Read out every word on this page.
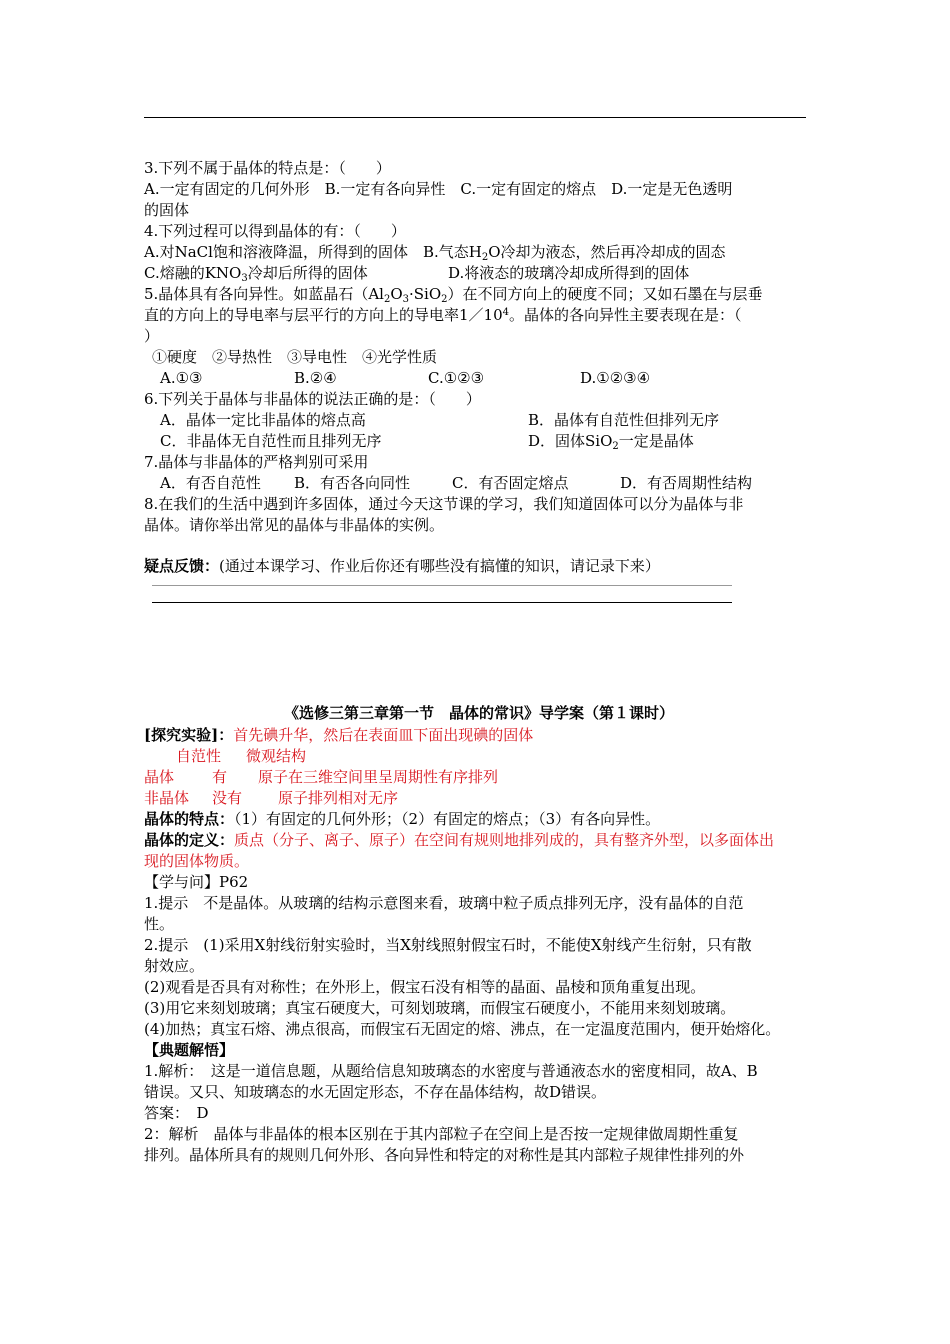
3.下列不属于晶体的特点是：（　　）
A.一定有固定的几何外形　B.一定有各向异性　C.一定有固定的熔点　D.一定是无色透明
的固体
4.下列过程可以得到晶体的有：（　　）
A.对NaCl饱和溶液降温，所得到的固体　B.气态$H_2O$冷却为液态，然后再冷却成的固态
C.熔融的$KNO_3$冷却后所得的固体	D.将液态的玻璃冷却成所得到的固体
5.晶体具有各向异性。如蓝晶石$(Al_2O_3\cdot SiO_2)$在不同方向上的硬度不同；又如石墨在与层垂
直的方向上的导电率与层平行的方向上的导电率$1/10^4$。晶体的各向异性主要表现在是：（
）
①硬度　②导热性　③导电性　④光学性质
A.①③	B.②④	C.①②③	D.①②③④
6.下列关于晶体与非晶体的说法正确的是：（　　）
A．晶体一定比非晶体的熔点高	B．晶体有自范性但排列无序
C．非晶体无自范性而且排列无序	D．固体SiO$_2$一定是晶体
7.晶体与非晶体的严格判别可采用
A．有否自范性 B．有否各向同性	C．有否固定熔点	D．有否周期性结构
8.在我们的生活中遇到许多固体，通过今天这节课的学习，我们知道固体可以分为晶体与非
晶体。请你举出常见的晶体与非晶体的实例。
疑点反馈：(通过本课学习、作业后你还有哪些没有搞懂的知识，请记录下来）
《选修三第三章第一节　晶体的常识》导学案（第１课时）
[探究实验]：首先碘升华，然后在表面皿下面出现碘的固体
自范性 微观结构
晶体	有 原子在三维空间里呈周期性有序排列
非晶体 没有 原子排列相对无序
晶体的特点：（1）有固定的几何外形；（2）有固定的熔点；（3）有各向异性。
晶体的定义：质点（分子、离子、原子）在空间有规则地排列成的，具有整齐外型，以多面体出
现的固体物质。
【学与问】P62
1.提示　不是晶体。从玻璃的结构示意图来看，玻璃中粒子质点排列无序，没有晶体的自范
性。
2.提示　(1)采用X射线衍射实验时，当X射线照射假宝石时，不能使X射线产生衍射，只有散
射效应。
(2)观看是否具有对称性；在外形上，假宝石没有相等的晶面、晶棱和顶角重复出现。
(3)用它来刻划玻璃；真宝石硬度大，可刻划玻璃，而假宝石硬度小，不能用来刻划玻璃。
(4)加热；真宝石熔、沸点很高，而假宝石无固定的熔、沸点，在一定温度范围内，便开始熔化。
【典题解悟】
1.解析：　这是一道信息题，从题给信息知玻璃态的水密度与普通液态水的密度相同，故A、B
错误。又只、知玻璃态的水无固定形态，不存在晶体结构，故D错误。
答案：　D
2：解析　晶体与非晶体的根本区别在于其内部粒子在空间上是否按一定规律做周期性重复
排列。晶体所具有的规则几何外形、各向异性和特定的对称性是其内部粒子规律性排列的外
